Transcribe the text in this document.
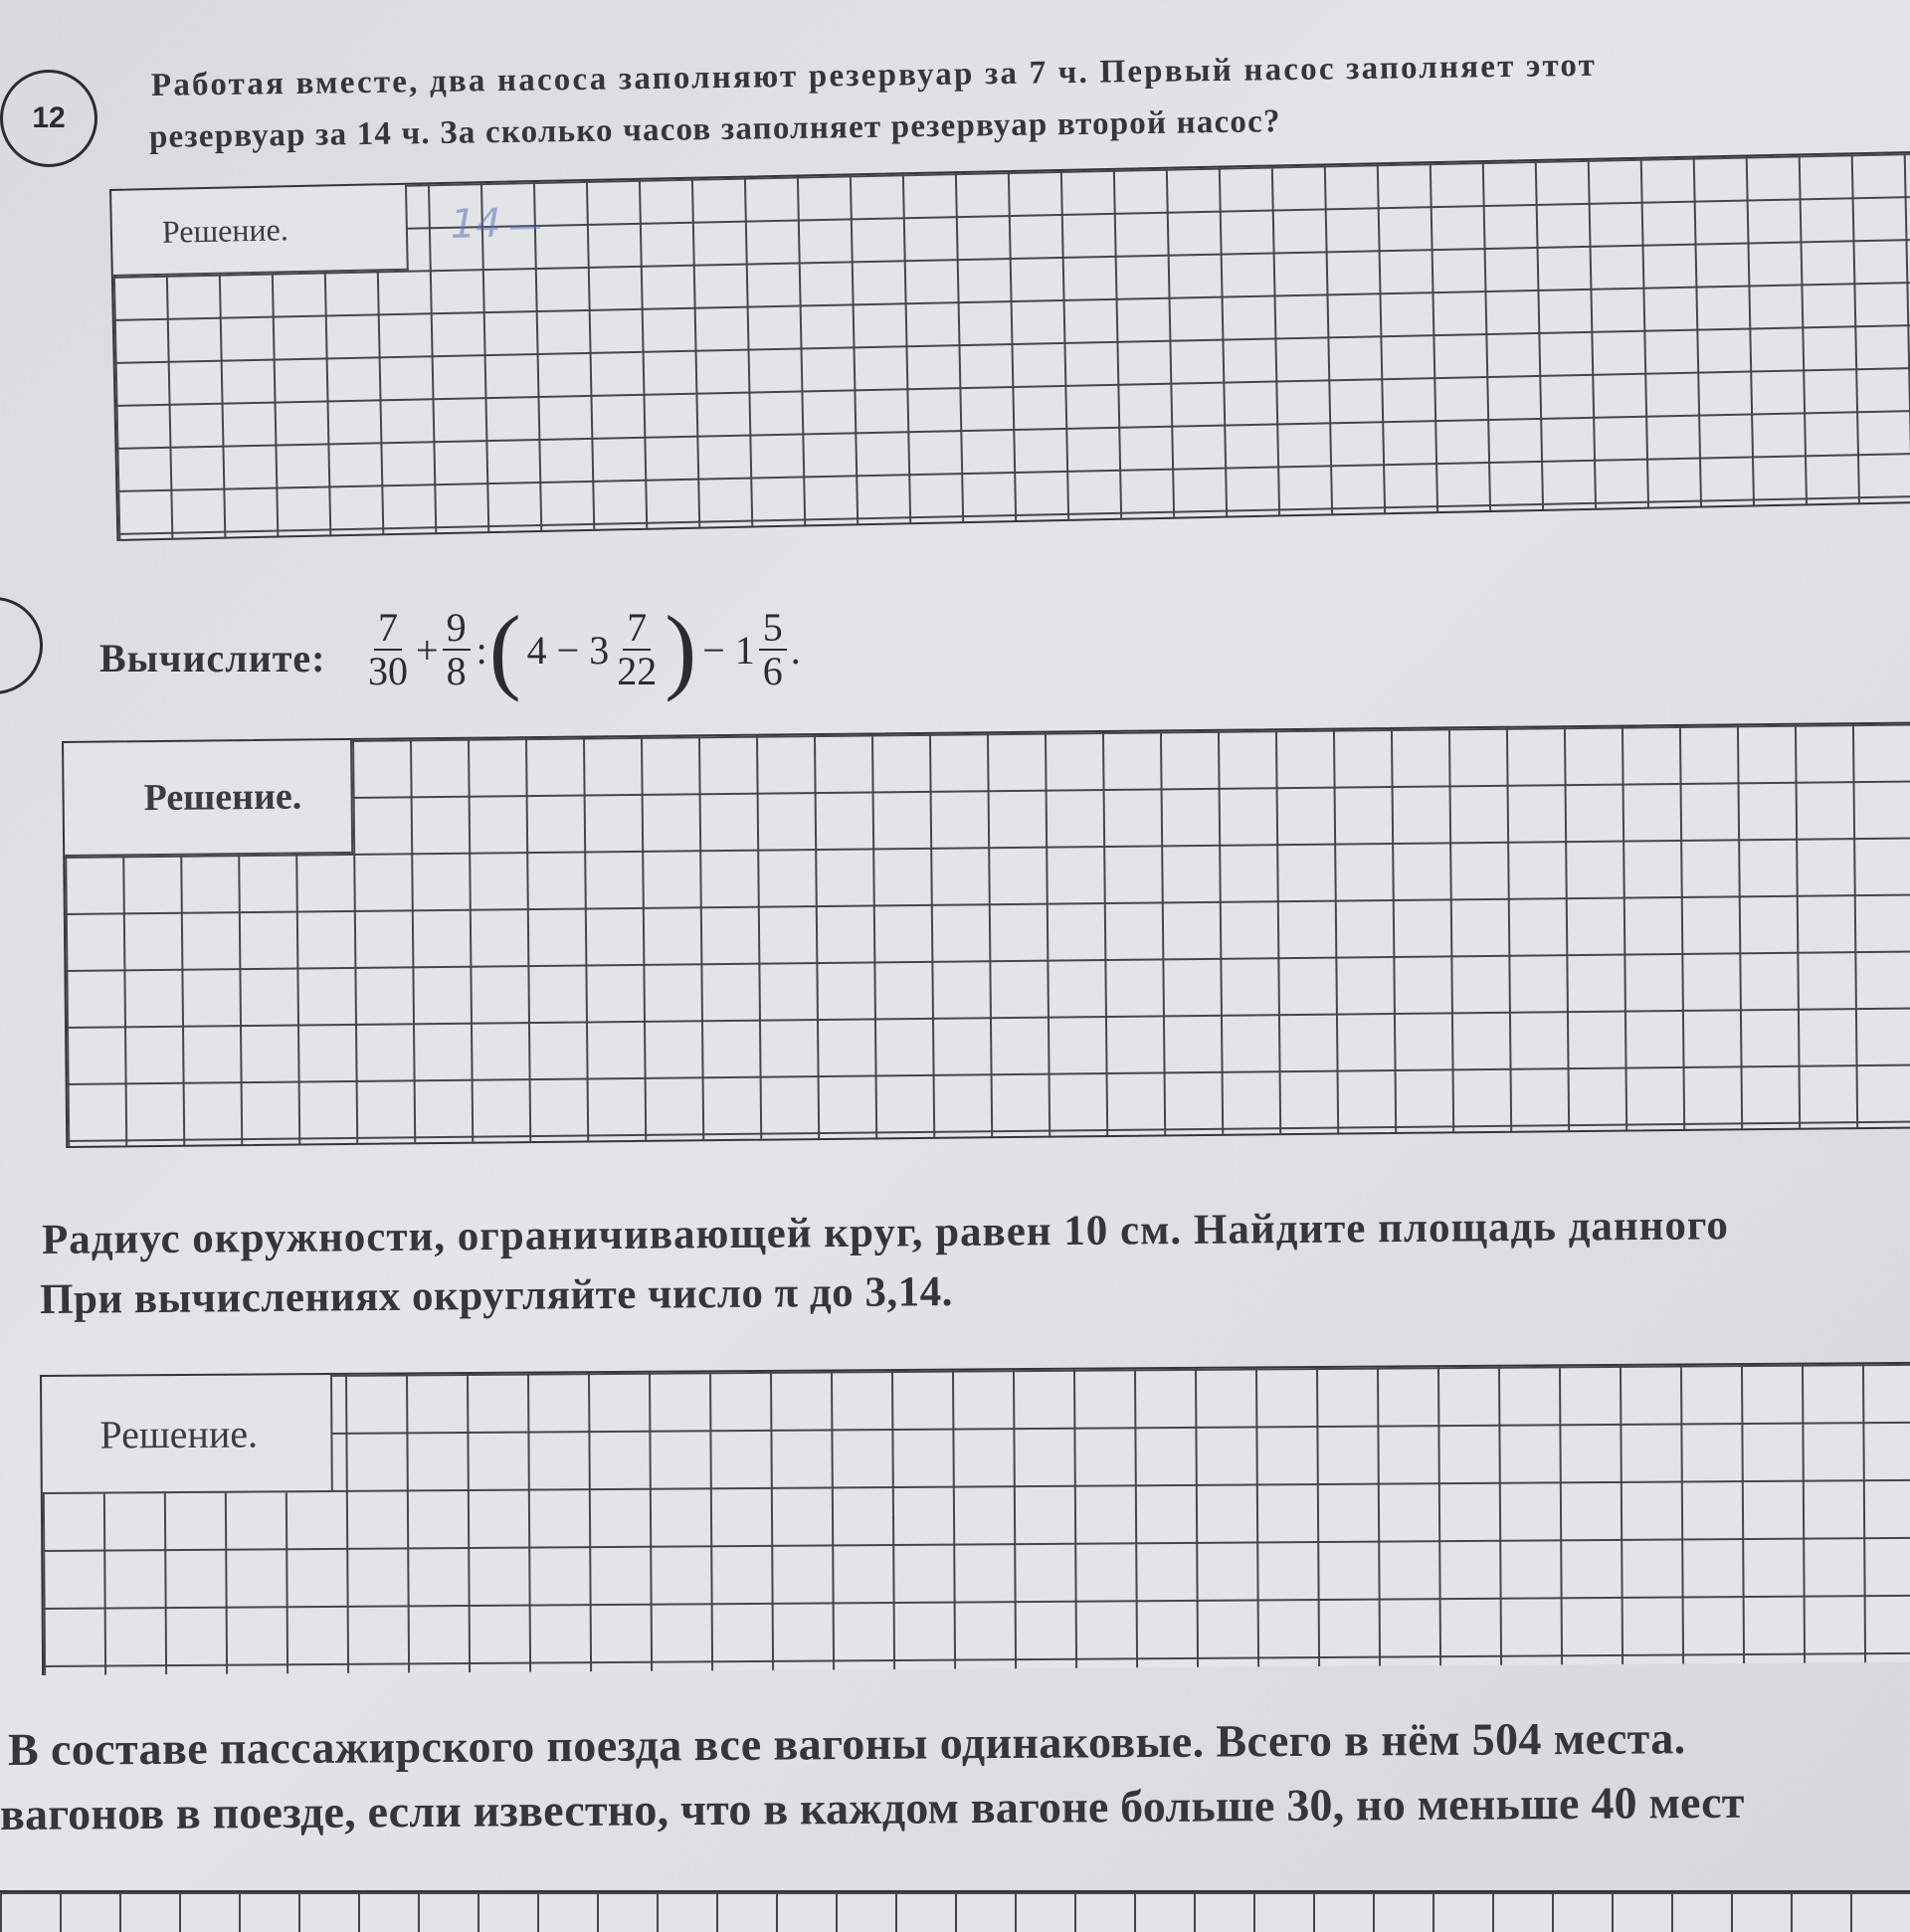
12
Работая вместе, два насоса заполняют резервуар за 7 ч. Первый насос заполняет этот
резервуар за 14 ч. За сколько часов заполняет резервуар второй насос?
Решение.	14
Вычислите: $\frac{7}{30} + \frac{9}{8}$ : ( $4 - 3 \frac{7}{22}$ ) − $1 \frac{5}{6}$ .
Решение.
Радиус окружности, ограничивающей круг, равен 10 см. Найдите площадь данного
При вычислениях округляйте число π до 3,14.
Решение.
В составе пассажирского поезда все вагоны одинаковые. Всего в нём 504 места.
вагонов в поезде, если известно, что в каждом вагоне больше 30, но меньше 40 мест
